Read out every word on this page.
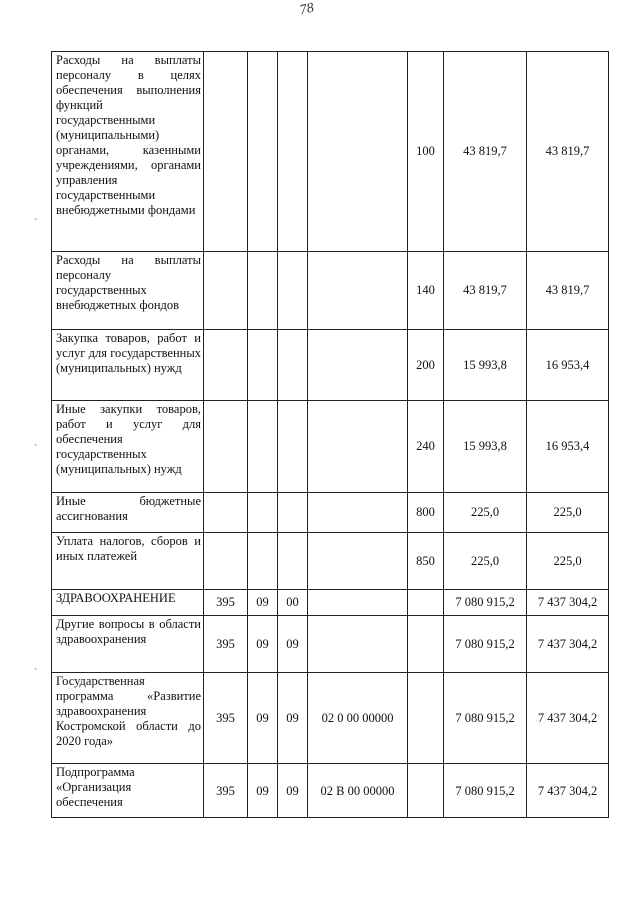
78
ˋ
ˋ
ˋ
Расходы на выплаты персоналу в целях обеспечения выполнения функций государственными (муниципальными) органами, казенными учреждениями, органами управления государственными внебюджетными фондами					100	43 819,7	43 819,7
Расходы на выплаты персоналу государственных внебюджетных фондов					140	43 819,7	43 819,7
Закупка товаров, работ и услуг для государственных (муниципальных) нужд					200	15 993,8	16 953,4
Иные закупки товаров, работ и услуг для обеспечения государственных (муниципальных) нужд					240	15 993,8	16 953,4
Иные бюджетные ассигнования					800	225,0	225,0
Уплата налогов, сборов и иных платежей					850	225,0	225,0
ЗДРАВООХРАНЕНИЕ	395	09	00			7 080 915,2	7 437 304,2
Другие вопросы в области здравоохранения	395	09	09			7 080 915,2	7 437 304,2
Государственная программа «Развитие здравоохранения Костромской области до 2020 года»	395	09	09	02 0 00 00000		7 080 915,2	7 437 304,2
Подпрограмма «Организация обеспечения	395	09	09	02 В 00 00000		7 080 915,2	7 437 304,2
